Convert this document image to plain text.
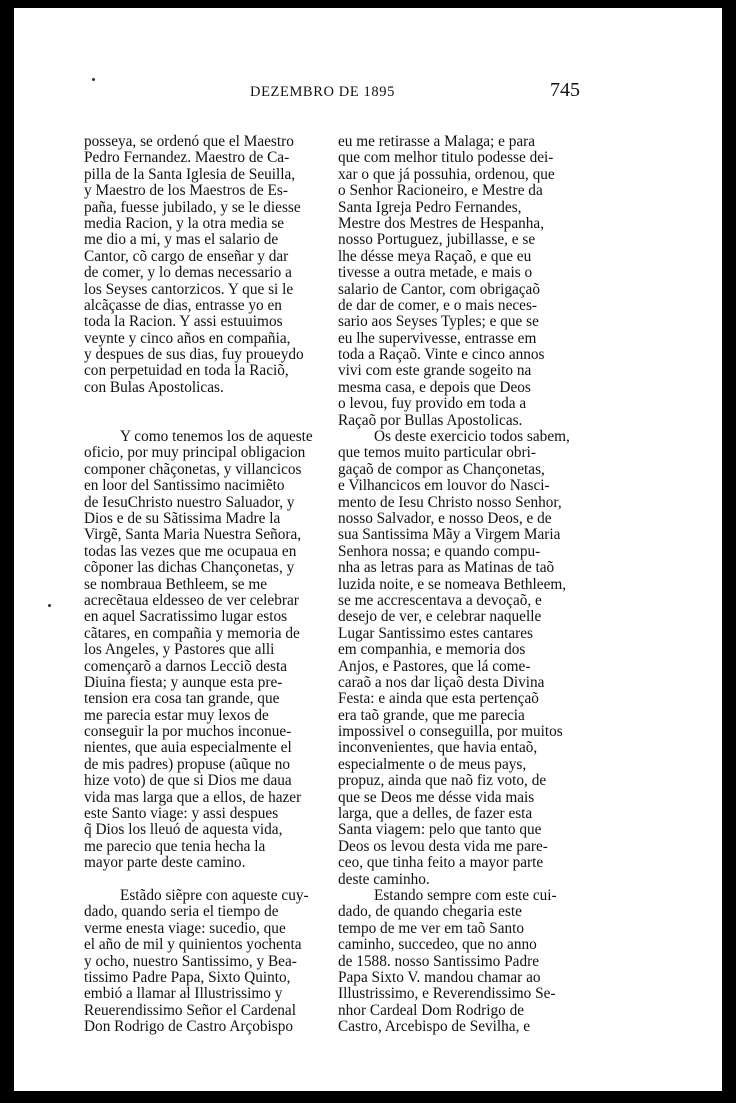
DEZEMBRO DE 1895	745
posseya, se ordenó que el Maestro
Pedro Fernandez. Maestro de Ca-
pilla de la Santa Iglesia de Seuilla,
y Maestro de los Maestros de Es-
paña, fuesse jubilado, y se le diesse
media Racion, y la otra media se
me dio a mi, y mas el salario de
Cantor, cõ cargo de enseñar y dar
de comer, y lo demas necessario a
los Seyses cantorzicos. Y que si le
alcãçasse de dias, entrasse yo en
toda la Racion. Y assi estuuimos
veynte y cinco años en compañia,
y despues de sus dias, fuy proueydo
con perpetuidad en toda la Raciõ,
con Bulas Apostolicas.

Y como tenemos los de aqueste
oficio, por muy principal obligacion
componer chãçonetas, y villancicos
en loor del Santissimo nacimiẽto
de IesuChristo nuestro Saluador, y
Dios e de su Sãtissima Madre la
Virgẽ, Santa Maria Nuestra Señora,
todas las vezes que me ocupaua en
cõponer las dichas Chançonetas, y
se nombraua Bethleem, se me
acrecẽtaua eldesseo de ver celebrar
en aquel Sacratissimo lugar estos
cãtares, en compañia y memoria de
los Angeles, y Pastores que alli
començarõ a darnos Lecciõ desta
Diuina fiesta; y aunque esta pre-
tension era cosa tan grande, que
me parecia estar muy lexos de
conseguir la por muchos inconue-
nientes, que auia especialmente el
de mis padres) propuse (aũque no
hize voto) de que si Dios me daua
vida mas larga que a ellos, de hazer
este Santo viage: y assi despues
q̃ Dios los lleuó de aquesta vida,
me parecio que tenia hecha la
mayor parte deste camino.

Estãdo siẽpre con aqueste cuy-
dado, quando seria el tiempo de
verme enesta viage: sucedio, que
el año de mil y quinientos yochenta
y ocho, nuestro Santissimo, y Bea-
tissimo Padre Papa, Sixto Quinto,
embió a llamar al Illustrissimo y
Reuerendissimo Señor el Cardenal
Don Rodrigo de Castro Arçobispo
eu me retirasse a Malaga; e para
que com melhor titulo podesse dei-
xar o que já possuhia, ordenou, que
o Senhor Racioneiro, e Mestre da
Santa Igreja Pedro Fernandes,
Mestre dos Mestres de Hespanha,
nosso Portuguez, jubillasse, e se
lhe désse meya Raçaõ, e que eu
tivesse a outra metade, e mais o
salario de Cantor, com obrigaçaõ
de dar de comer, e o mais neces-
sario aos Seyses Typles; e que se
eu lhe supervivesse, entrasse em
toda a Raçaõ. Vinte e cinco annos
vivi com este grande sogeito na
mesma casa, e depois que Deos
o levou, fuy provido em toda a
Raçaõ por Bullas Apostolicas.
Os deste exercicio todos sabem,
que temos muito particular obri-
gaçaõ de compor as Chançonetas,
e Vilhancicos em louvor do Nasci-
mento de Iesu Christo nosso Senhor,
nosso Salvador, e nosso Deos, e de
sua Santissima Mãy a Virgem Maria
Senhora nossa; e quando compu-
nha as letras para as Matinas de taõ
luzida noite, e se nomeava Bethleem,
se me accrescentava a devoçaõ, e
desejo de ver, e celebrar naquelle
Lugar Santissimo estes cantares
em companhia, e memoria dos
Anjos, e Pastores, que lá come-
caraõ a nos dar liçaõ desta Divina
Festa: e ainda que esta pertençaõ
era taõ grande, que me parecia
impossivel o conseguilla, por muitos
inconvenientes, que havia entaõ,
especialmente o de meus pays,
propuz, ainda que naõ fiz voto, de
que se Deos me désse vida mais
larga, que a delles, de fazer esta
Santa viagem: pelo que tanto que
Deos os levou desta vida me pare-
ceo, que tinha feito a mayor parte
deste caminho.
Estando sempre com este cui-
dado, de quando chegaria este
tempo de me ver em taõ Santo
caminho, succedeo, que no anno
de 1588. nosso Santissimo Padre
Papa Sixto V. mandou chamar ao
Illustrissimo, e Reverendissimo Se-
nhor Cardeal Dom Rodrigo de
Castro, Arcebispo de Sevilha, e
